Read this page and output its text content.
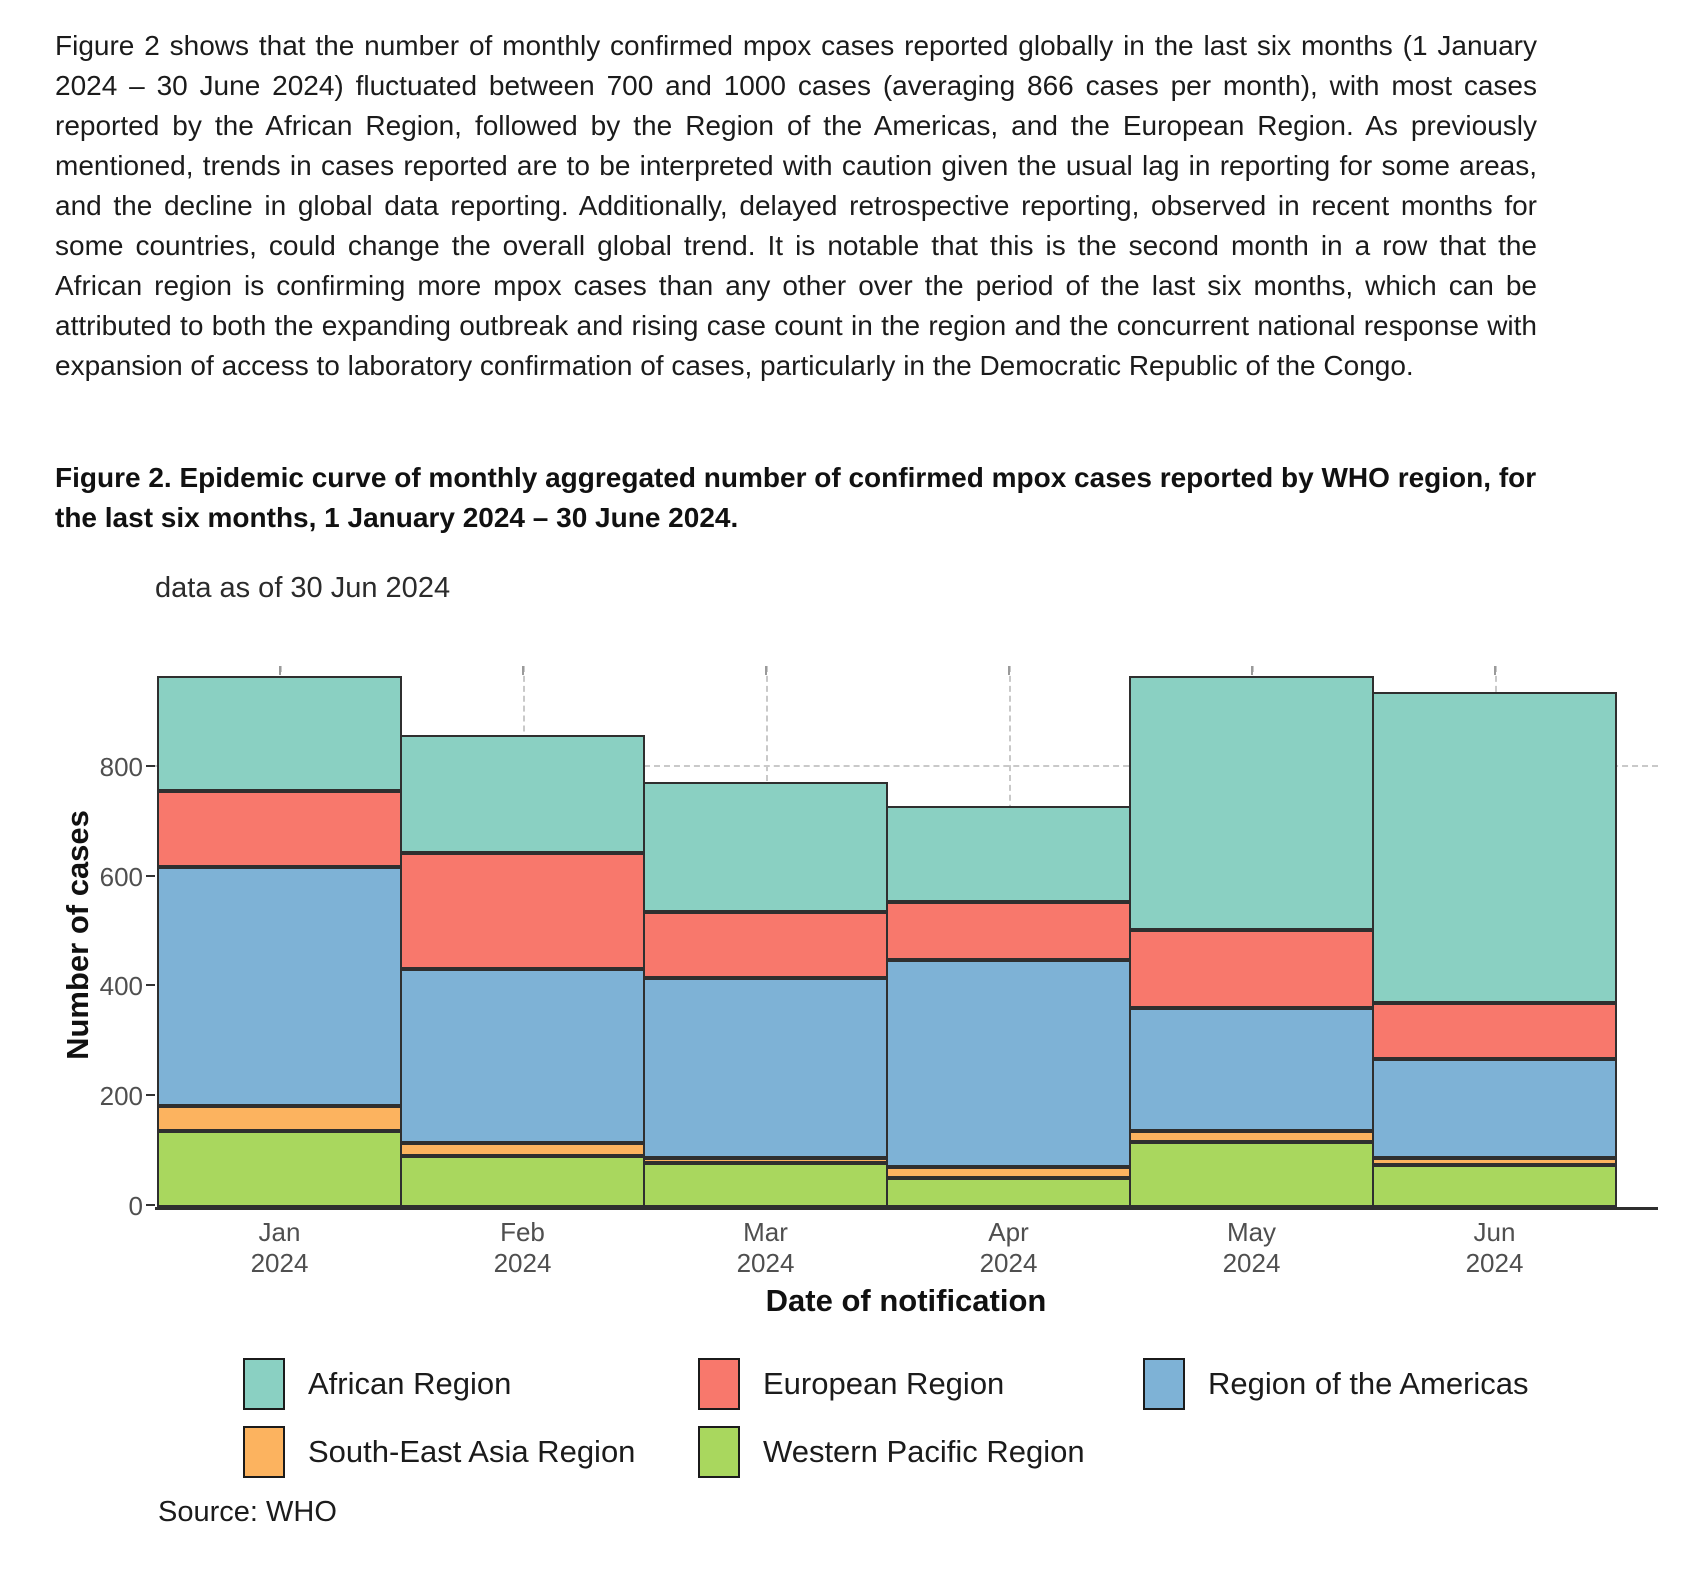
Figure 2 shows that the number of monthly confirmed mpox cases reported globally in the last six months (1 January 2024 – 30 June 2024) fluctuated between 700 and 1000 cases (averaging 866 cases per month), with most cases reported by the African Region, followed by the Region of the Americas, and the European Region. As previously mentioned, trends in cases reported are to be interpreted with caution given the usual lag in reporting for some areas, and the decline in global data reporting. Additionally, delayed retrospective reporting, observed in recent months for some countries, could change the overall global trend. It is notable that this is the second month in a row that the African region is confirming more mpox cases than any other over the period of the last six months, which can be attributed to both the expanding outbreak and rising case count in the region and the concurrent national response with expansion of access to laboratory confirmation of cases, particularly in the Democratic Republic of the Congo.
Figure 2. Epidemic curve of monthly aggregated number of confirmed mpox cases reported by WHO region, for the last six months, 1 January 2024 – 30 June 2024.
data as of 30 Jun 2024
Number of cases
800
600
400
200
0
Jan
2024
Feb
2024
Mar
2024
Apr
2024
May
2024
Jun
2024
Date of notification
African Region	European Region	Region of the Americas
South-East Asia Region	Western Pacific Region
Source: WHO
